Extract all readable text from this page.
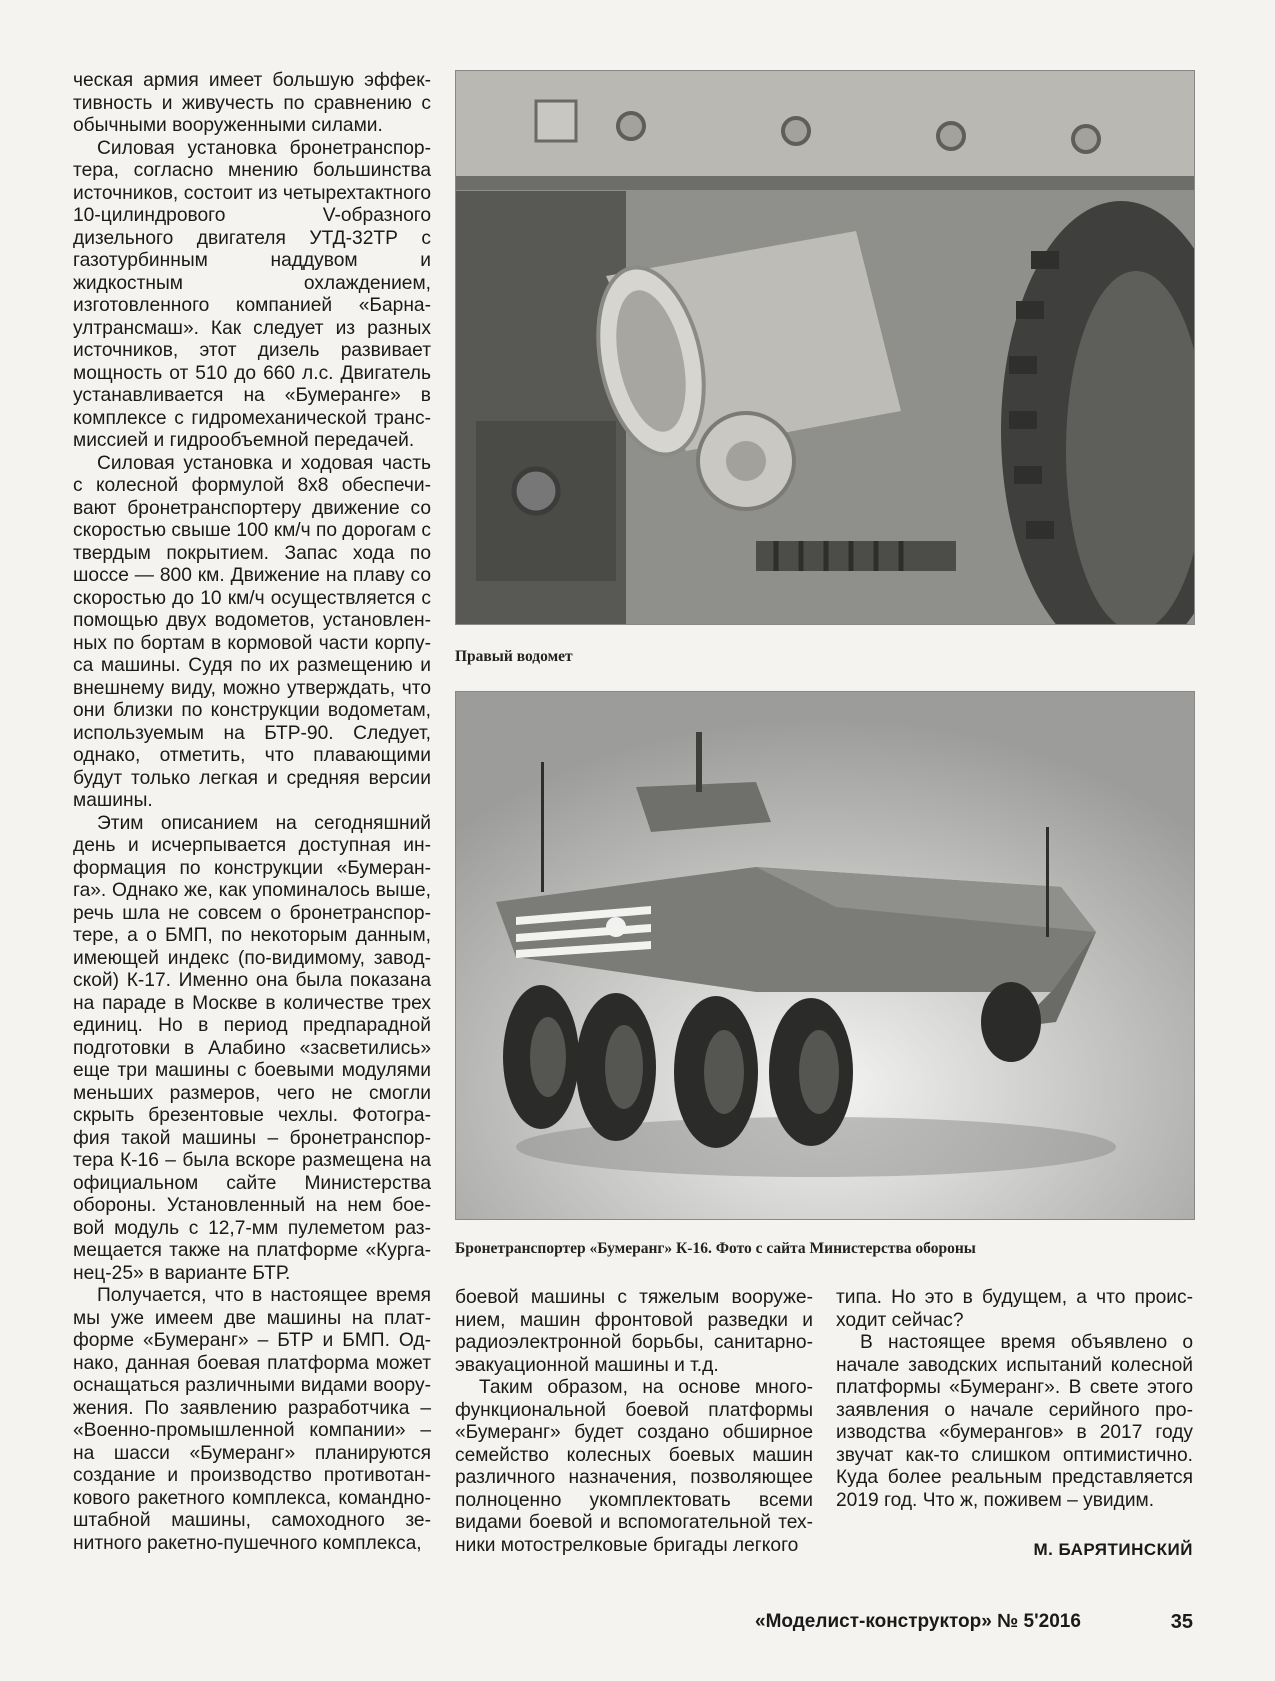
ческая армия имеет большую эффективность и живучесть по сравнению с обычными вооруженными силами.

Силовая установка бронетранспортера, согласно мнению большинства источников, состоит из четырехтактного 10-цилиндрового V-образного дизельного двигателя УТД-32ТР с газотурбинным наддувом и жидкостным охлаждением, изготовленного компанией «Барнаултрансмаш». Как следует из разных источников, этот дизель развивает мощность от 510 до 660 л.с. Двигатель устанавливается на «Бумеранге» в комплексе с гидромеханической трансмиссией и гидрообъемной передачей.

Силовая установка и ходовая часть с колесной формулой 8x8 обеспечивают бронетранспортеру движение со скоростью свыше 100 км/ч по дорогам с твердым покрытием. Запас хода по шоссе — 800 км. Движение на плаву со скоростью до 10 км/ч осуществляется с помощью двух водометов, установленных по бортам в кормовой части корпуса машины. Судя по их размещению и внешнему виду, можно утверждать, что они близки по конструкции водометам, используемым на БТР-90. Следует, однако, отметить, что плавающими будут только легкая и средняя версии машины.

Этим описанием на сегодняшний день и исчерпывается доступная информация по конструкции «Бумеранга». Однако же, как упоминалось выше, речь шла не совсем о бронетранспортере, а о БМП, по некоторым данным, имеющей индекс (по-видимому, заводской) К-17. Именно она была показана на параде в Москве в количестве трех единиц. Но в период предпарадной подготовки в Алабино «засветились» еще три машины с боевыми модулями меньших размеров, чего не смогли скрыть брезентовые чехлы. Фотография такой машины – бронетранспортера К-16 – была вскоре размещена на официальном сайте Министерства обороны. Установленный на нем боевой модуль с 12,7-мм пулеметом размещается также на платформе «Курганец-25» в варианте БТР.

Получается, что в настоящее время мы уже имеем две машины на платформе «Бумеранг» – БТР и БМП. Однако, данная боевая платформа может оснащаться различными видами вооружения. По заявлению разработчика – «Военно-промышленной компании» – на шасси «Бумеранг» планируются создание и производство противотанкового ракетного комплекса, командно-штабной машины, самоходного зенитного ракетно-пушечного комплекса,

Правый водомет
Бронетранспортер «Бумеранг» К-16. Фото с сайта Министерства обороны

боевой машины с тяжелым вооружением, машин фронтовой разведки и радиоэлектронной борьбы, санитарно-эвакуационной машины и т.д.

Таким образом, на основе многофункциональной боевой платформы «Бумеранг» будет создано обширное семейство колесных боевых машин различного назначения, позволяющее полноценно укомплектовать всеми видами боевой и вспомогательной техники мотострелковые бригады легкого

типа. Но это в будущем, а что происходит сейчас?

В настоящее время объявлено о начале заводских испытаний колесной платформы «Бумеранг». В свете этого заявления о начале серийного производства «бумерангов» в 2017 году звучат как-то слишком оптимистично. Куда более реальным представляется 2019 год. Что ж, поживем – увидим.

М. БАРЯТИНСКИЙ
«Моделист-конструктор» № 5'2016	35
